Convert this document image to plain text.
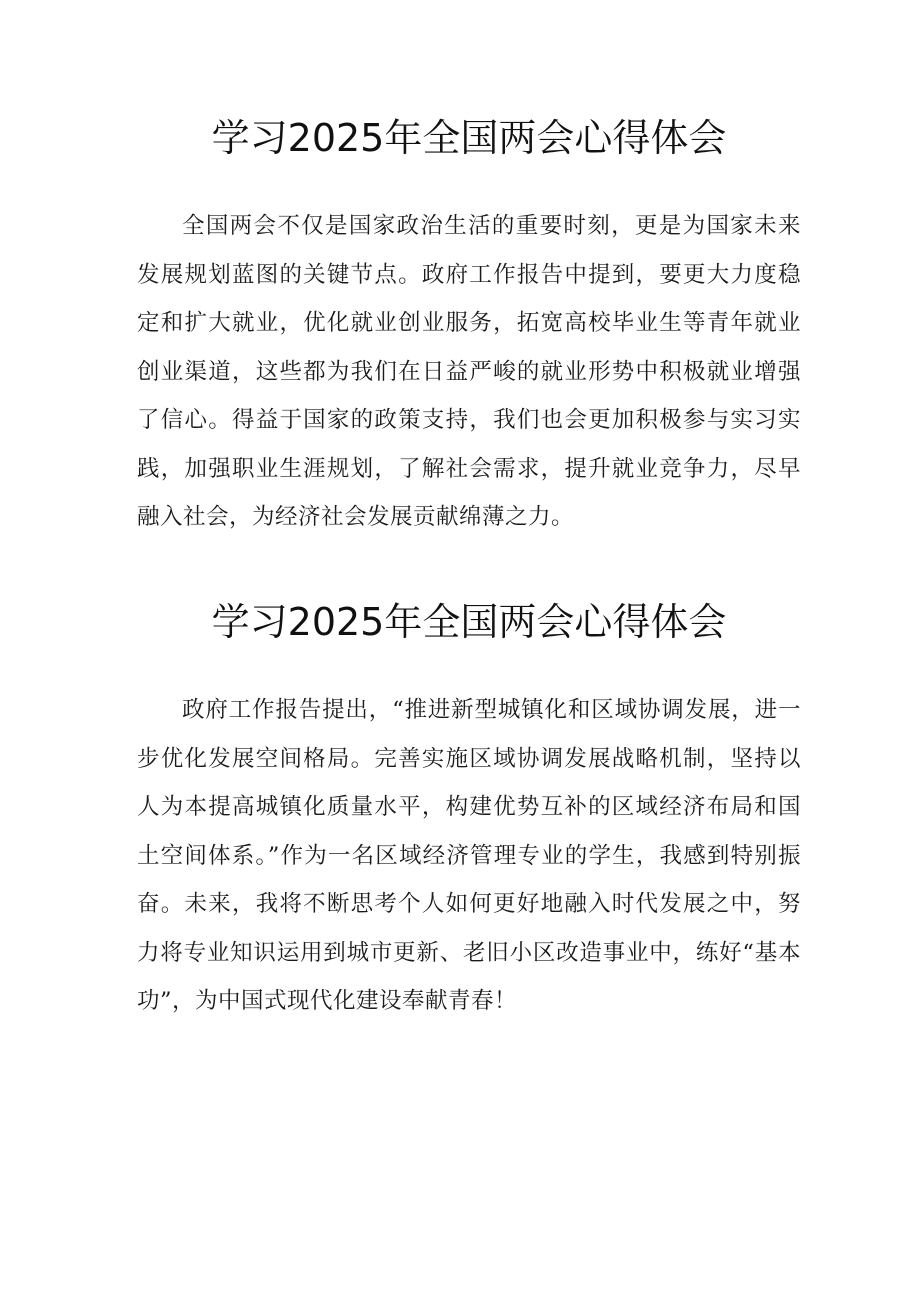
学习2025年全国两会心得体会

全国两会不仅是国家政治生活的重要时刻，更是为国家未来发展规划蓝图的关键节点。政府工作报告中提到，要更大力度稳定和扩大就业，优化就业创业服务，拓宽高校毕业生等青年就业创业渠道，这些都为我们在日益严峻的就业形势中积极就业增强了信心。得益于国家的政策支持，我们也会更加积极参与实习实践，加强职业生涯规划，了解社会需求，提升就业竞争力，尽早融入社会，为经济社会发展贡献绵薄之力。

学习2025年全国两会心得体会

政府工作报告提出，“推进新型城镇化和区域协调发展，进一步优化发展空间格局。完善实施区域协调发展战略机制，坚持以人为本提高城镇化质量水平，构建优势互补的区域经济布局和国土空间体系。”作为一名区域经济管理专业的学生，我感到特别振奋。未来，我将不断思考个人如何更好地融入时代发展之中，努力将专业知识运用到城市更新、老旧小区改造事业中，练好“基本功”，为中国式现代化建设奉献青春！
